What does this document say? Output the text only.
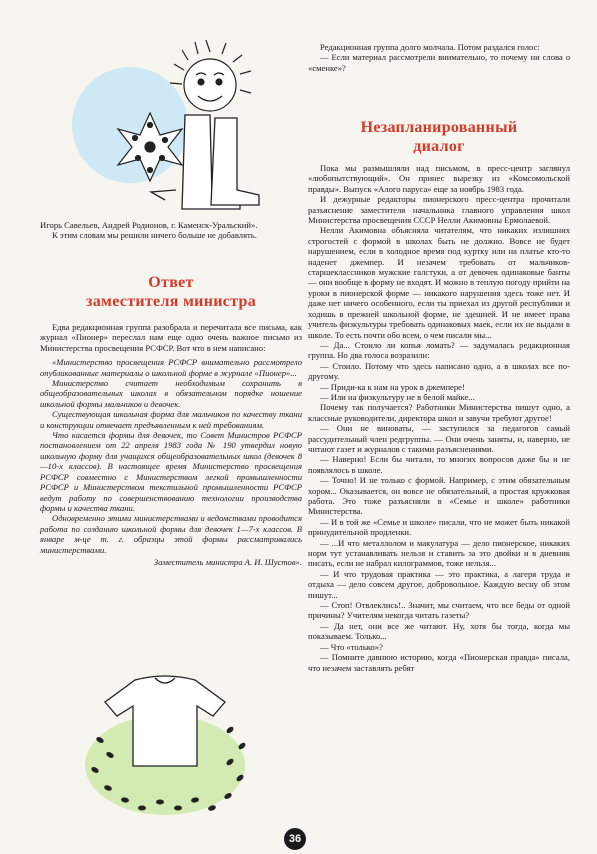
Игорь Савельев, Андрей Родионов, г. Каменск-Уральский».

К этим словам мы решили ничего больше не добавлять.

Ответ
заместителя министра

Едва редакционная группа разобрала и перечитала все письма, как журнал «Пионер» переслал нам еще одно очень важное письмо из Министерства просвещения РСФСР. Вот что в нем написано:

«Министерство просвещения РСФСР внимательно рассмотрело опубликованные материалы о школьной форме в журнале «Пионер»...

Министерство считает необходимым сохранить в общеобразовательных школах в обязательном порядке ношение школьной формы мальчиков и девочек.

Существующая школьная форма для мальчиков по качеству ткани и конструкции отвечает предъявленным к ней требованиям.

Что касается формы для девочек, то Совет Министров РСФСР постановлением от 22 апреля 1983 года № 190 утвердил новую школьную форму для учащихся общеобразовательных школ (девочек 8—10-х классов). В настоящее время Министерство просвещения РСФСР совместно с Министерством легкой промышленности РСФСР и Министерством текстильной промышленности РСФСР ведут работу по совершенствованию технологии производства формы и качества ткани.

Одновременно этими министерствами и ведомствами проводится работа по созданию школьной формы для девочек 1—7-х классов. В январе м-це т. г. образцы этой формы рассматривались министерствами.

Заместитель министра А. И. Шустов».

Редакционная группа долго молчала. Потом раздался голос:

— Если материал рассмотрели внимательно, то почему ни слова о «сменке»?

Незапланированный
диалог

Пока мы размышляли над письмом, в пресс-центр заглянул «любопытствующий». Он принес вырезку из «Комсомольской правды». Выпуск «Алого паруса» еще за ноябрь 1983 года.

И дежурные редакторы пионерского пресс-центра прочитали разъяснение заместителя начальника главного управления школ Министерства просвещения СССР Нелли Акимовны Ермолаевой.

Нелли Акимовна объясняла читателям, что никаких излишних строгостей с формой в школах быть не должно. Вовсе не будет нарушением, если в холодное время под куртку или на платье кто-то наденет джемпер. И незачем требовать от мальчиков-старшеклассников мужские галстуки, а от девочек одинаковые банты — они вообще в форму не входят. И можно в теплую погоду прийти на уроки в пионерской форме — никакого нарушения здесь тоже нет. И даже нет ничего особенного, если ты приехал из другой республики и ходишь в прежней школьной форме, не здешней. И не имеет права учитель физкультуры требовать одинаковых маек, если их не выдали в школе. То есть почти обо всем, о чем писали мы...

— Да... Стоило ли копья ломать? — задумалась редакционная группа. Но два голоса возразили:

— Стоило. Потому что здесь написано одно, а в школах все по-другому.

— Приди-ка к нам на урок в джемпере!

— Или на физкультуру не в белой майке...

Почему так получается? Работники Министерства пишут одно, а классные руководители, директора школ и завучи требуют другое!

— Они не виноваты, — заступился за педагогов самый рассудительный член редгруппы. — Они очень заняты, и, наверно, не читают газет и журналов с такими разъяснениями.

— Наверно! Если бы читали, то многих вопросов даже бы и не появлялось в школе.

— Точно! И не только с формой. Например, с этим обязательным хором... Оказывается, он вовсе не обязательный, а простая кружковая работа. Это тоже разъясняли в «Семье и школе» работники Министерства.

— И в той же «Семье и школе» писали, что не может быть никакой принудительной продленки.

— ...И что металлолом и макулатура — дело пионерское, никаких норм тут устанавливать нельзя и ставить за это двойки и в дневник писать, если не набрал килограммов, тоже нельзя...

— И что трудовая практика — это практика, а лагеря труда и отдыха — дело совсем другое, добровольное. Каждую весну об этом пишут...

— Стоп! Отвлеклись!.. Значит, мы считаем, что все беды от одной причины? Учителям некогда читать газеты?

— Да нет, они все же читают. Ну, хотя бы тогда, когда мы показываем. Только...

— Что «только»?

— Помните давнюю историю, когда «Пионерская правда» писала, что незачем заставлять ребят

36
